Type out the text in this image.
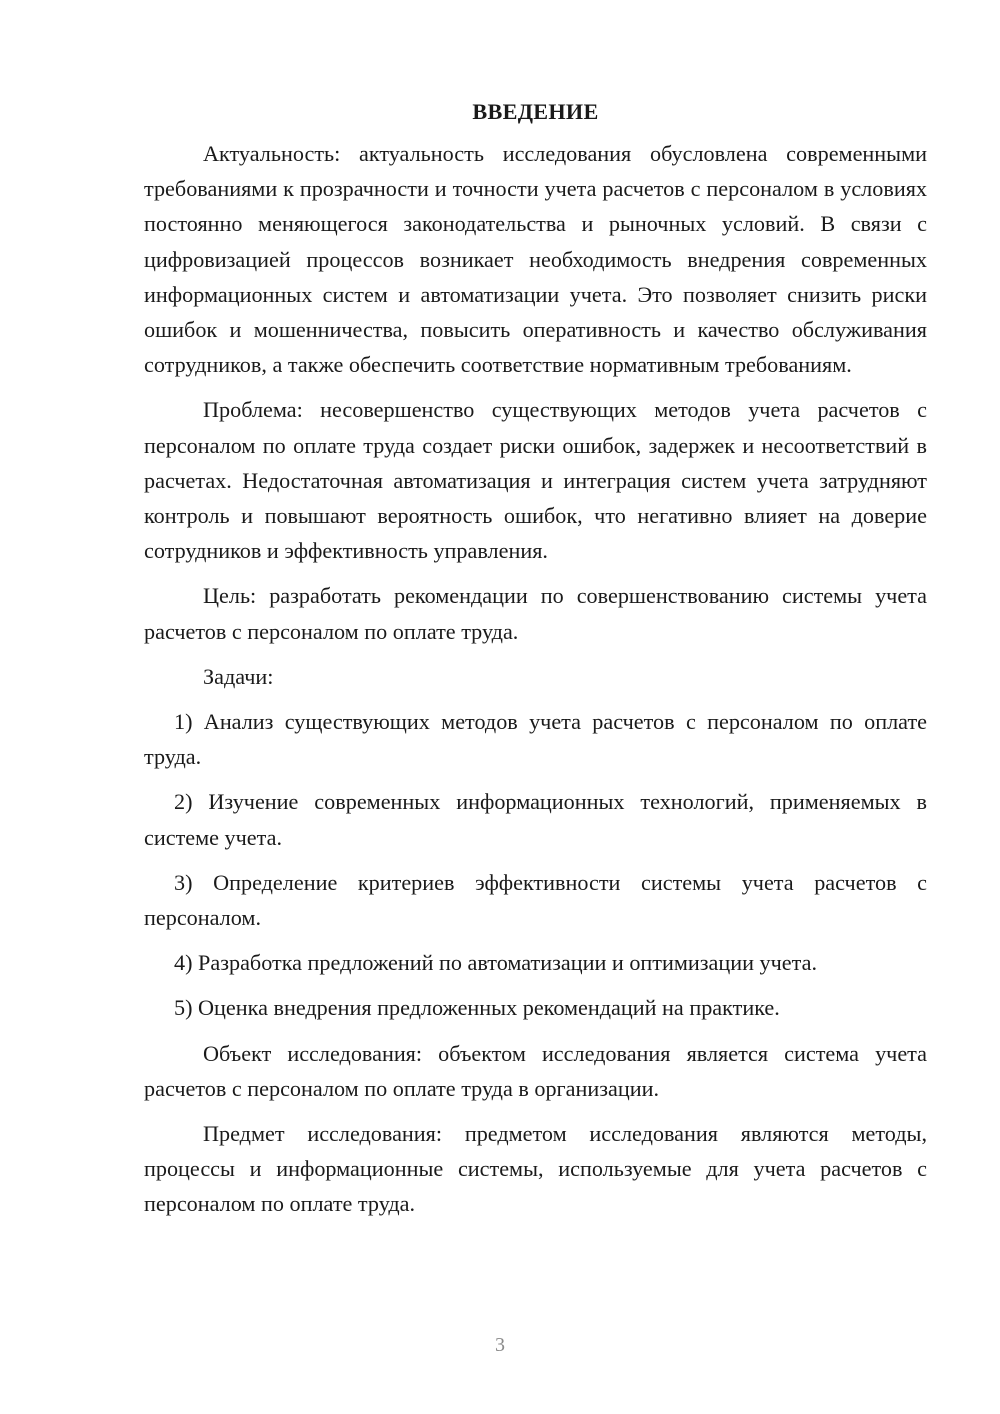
ВВЕДЕНИЕ

Актуальность: актуальность исследования обусловлена современными требованиями к прозрачности и точности учета расчетов с персоналом в условиях постоянно меняющегося законодательства и рыночных условий. В связи с цифровизацией процессов возникает необходимость внедрения современных информационных систем и автоматизации учета. Это позволяет снизить риски ошибок и мошенничества, повысить оперативность и качество обслуживания сотрудников, а также обеспечить соответствие нормативным требованиям.

Проблема: несовершенство существующих методов учета расчетов с персоналом по оплате труда создает риски ошибок, задержек и несоответствий в расчетах. Недостаточная автоматизация и интеграция систем учета затрудняют контроль и повышают вероятность ошибок, что негативно влияет на доверие сотрудников и эффективность управления.

Цель: разработать рекомендации по совершенствованию системы учета расчетов с персоналом по оплате труда.

Задачи:

1) Анализ существующих методов учета расчетов с персоналом по оплате труда.

2) Изучение современных информационных технологий, применяемых в системе учета.

3) Определение критериев эффективности системы учета расчетов с персоналом.

4) Разработка предложений по автоматизации и оптимизации учета.

5) Оценка внедрения предложенных рекомендаций на практике.

Объект исследования: объектом исследования является система учета расчетов с персоналом по оплате труда в организации.

Предмет исследования: предметом исследования являются методы, процессы и информационные системы, используемые для учета расчетов с персоналом по оплате труда.

3
